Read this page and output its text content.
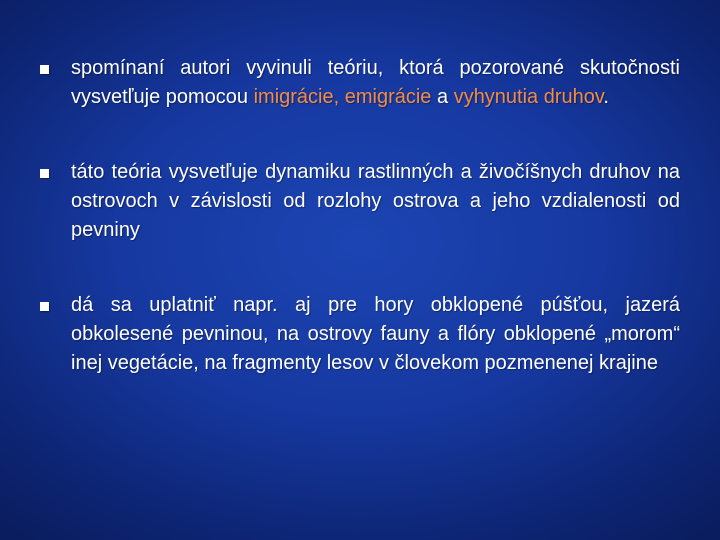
spomínaní autori vyvinuli teóriu, ktorá pozorované skutočnosti vysvetľuje pomocou imigrácie, emigrácie a vyhynutia druhov.
táto teória vysvetľuje dynamiku rastlinných a živočíšnych druhov na ostrovoch v závislosti od rozlohy ostrova a jeho vzdialenosti od pevniny
dá sa uplatniť napr. aj pre hory obklopené púšťou, jazerá obkolesené pevninou, na ostrovy fauny a flóry obklopené „morom“ inej vegetácie, na fragmenty lesov v človekom pozmenenej krajine
